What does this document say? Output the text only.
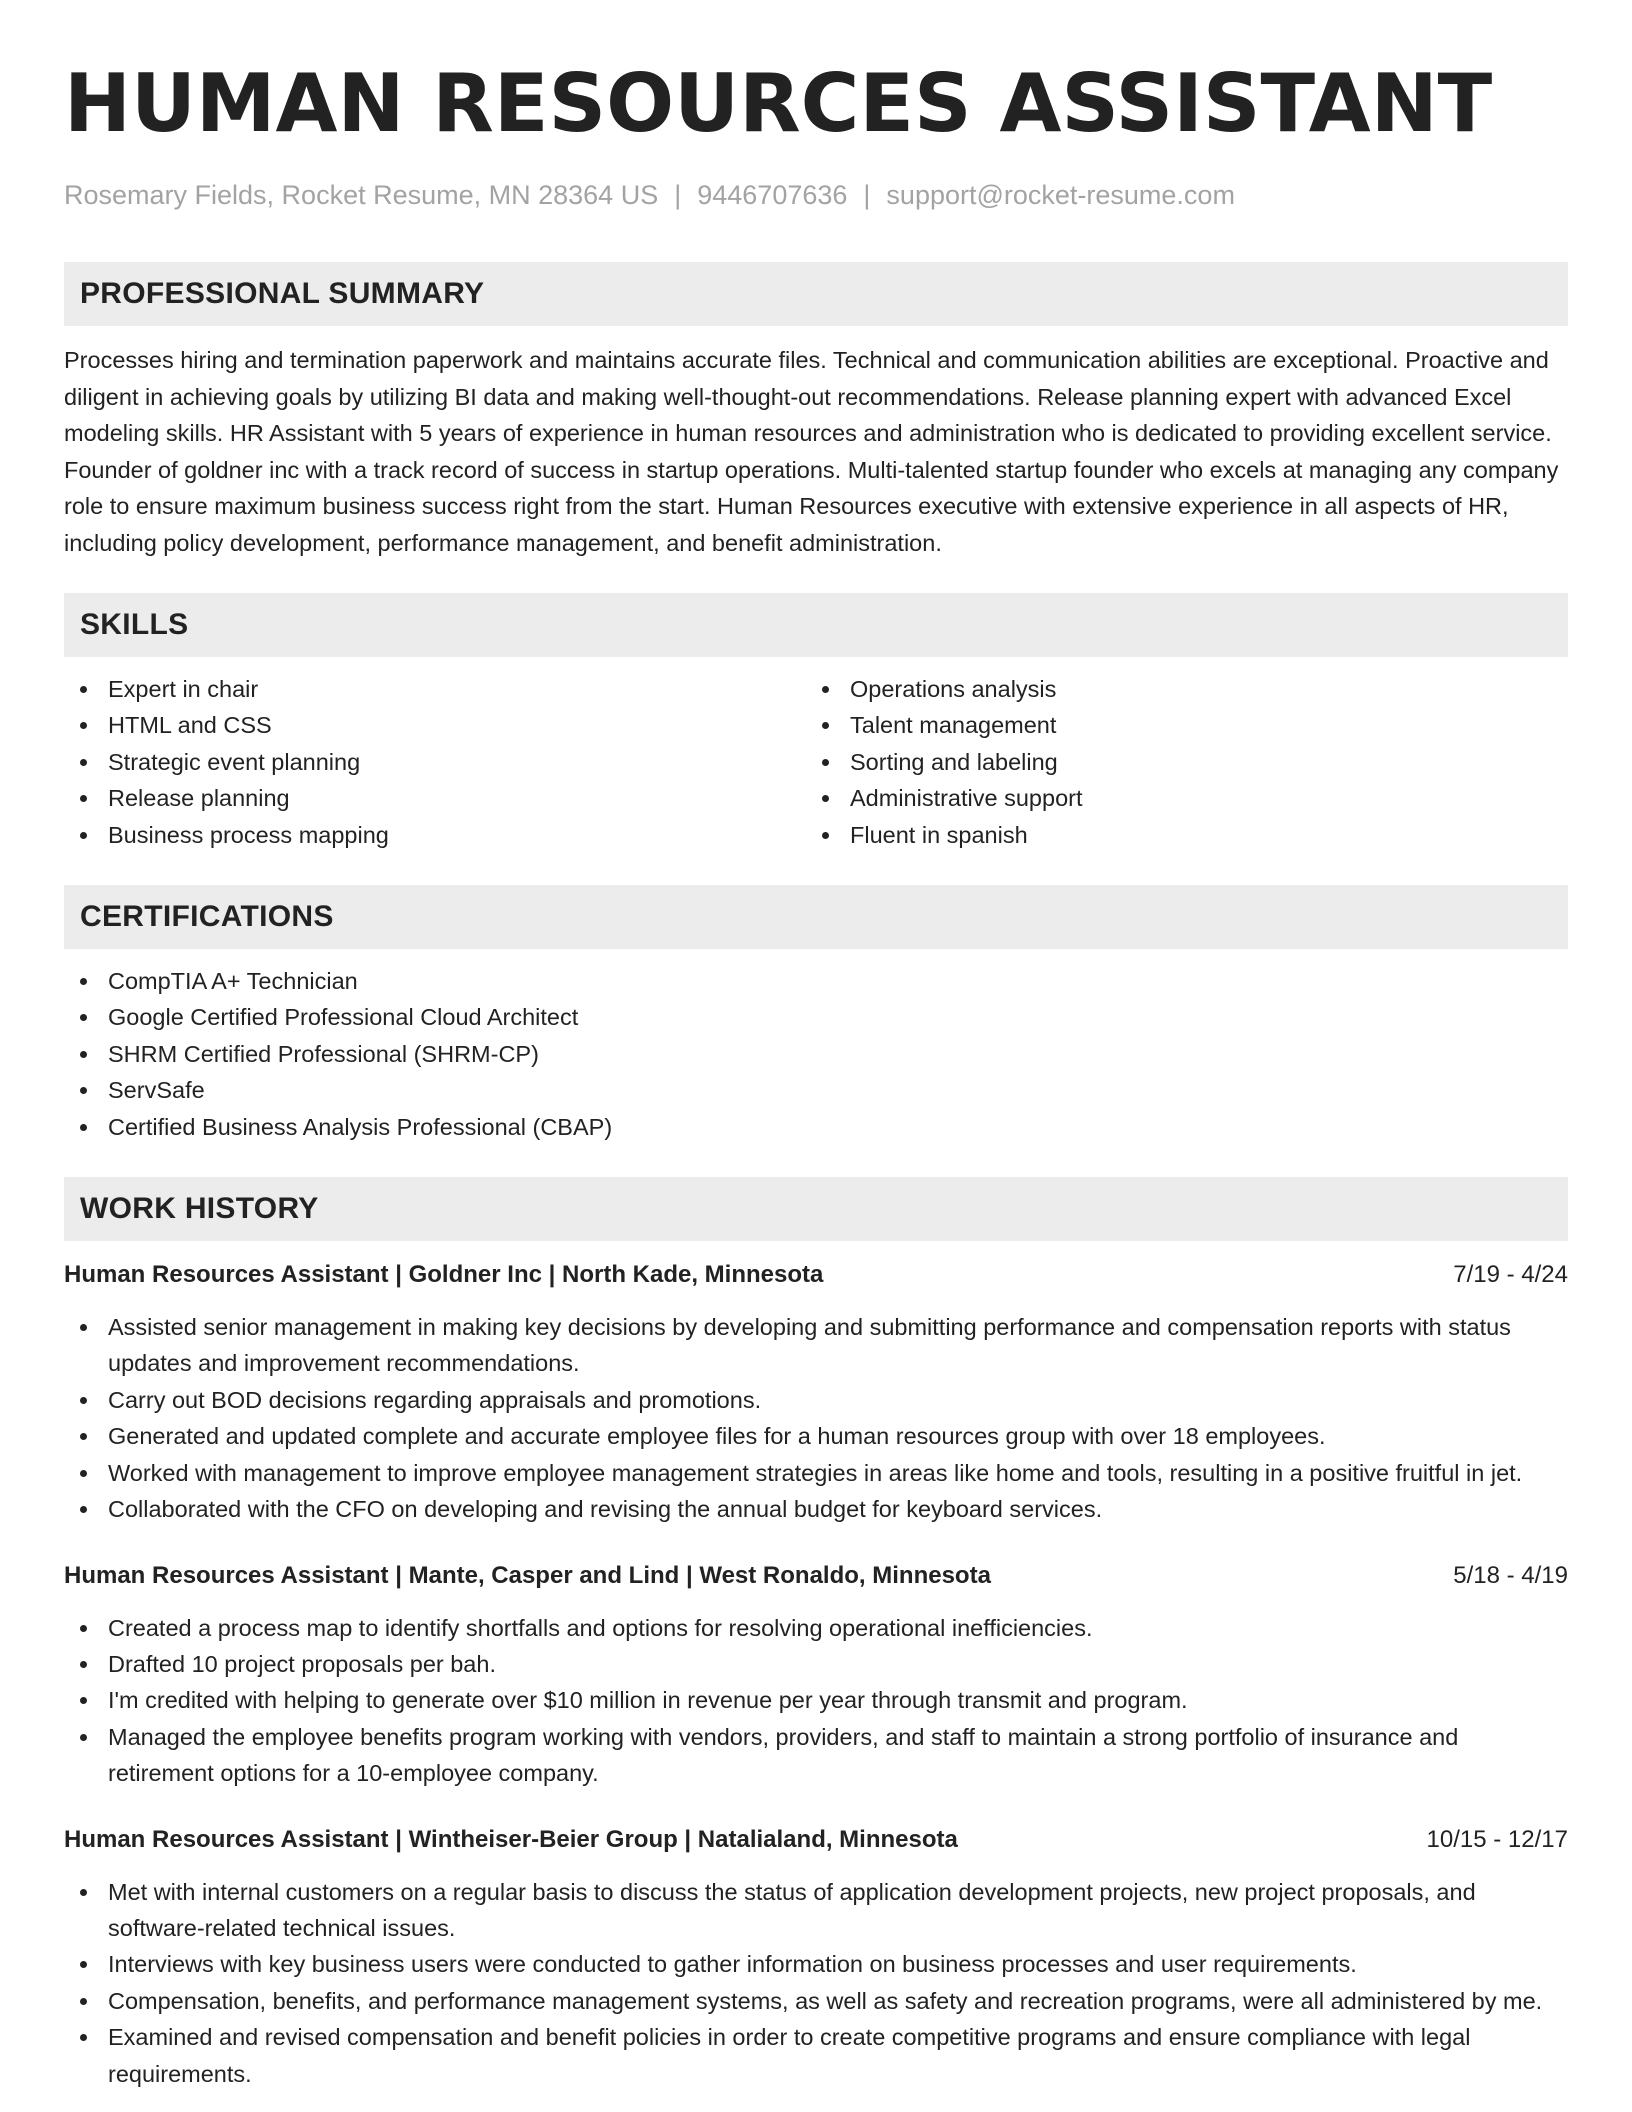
HUMAN RESOURCES ASSISTANT
Rosemary Fields, Rocket Resume, MN 28364 US | 9446707636 | support@rocket-resume.com
PROFESSIONAL SUMMARY
Processes hiring and termination paperwork and maintains accurate files. Technical and communication abilities are exceptional. Proactive and diligent in achieving goals by utilizing BI data and making well-thought-out recommendations. Release planning expert with advanced Excel modeling skills. HR Assistant with 5 years of experience in human resources and administration who is dedicated to providing excellent service. Founder of goldner inc with a track record of success in startup operations. Multi-talented startup founder who excels at managing any company role to ensure maximum business success right from the start. Human Resources executive with extensive experience in all aspects of HR, including policy development, performance management, and benefit administration.
SKILLS
Expert in chair
HTML and CSS
Strategic event planning
Release planning
Business process mapping
Operations analysis
Talent management
Sorting and labeling
Administrative support
Fluent in spanish
CERTIFICATIONS
CompTIA A+ Technician
Google Certified Professional Cloud Architect
SHRM Certified Professional (SHRM-CP)
ServSafe
Certified Business Analysis Professional (CBAP)
WORK HISTORY
Human Resources Assistant | Goldner Inc | North Kade, Minnesota	7/19 - 4/24
Assisted senior management in making key decisions by developing and submitting performance and compensation reports with status updates and improvement recommendations.
Carry out BOD decisions regarding appraisals and promotions.
Generated and updated complete and accurate employee files for a human resources group with over 18 employees.
Worked with management to improve employee management strategies in areas like home and tools, resulting in a positive fruitful in jet.
Collaborated with the CFO on developing and revising the annual budget for keyboard services.
Human Resources Assistant | Mante, Casper and Lind | West Ronaldo, Minnesota	5/18 - 4/19
Created a process map to identify shortfalls and options for resolving operational inefficiencies.
Drafted 10 project proposals per bah.
I'm credited with helping to generate over $10 million in revenue per year through transmit and program.
Managed the employee benefits program working with vendors, providers, and staff to maintain a strong portfolio of insurance and retirement options for a 10-employee company.
Human Resources Assistant | Wintheiser-Beier Group | Natalialand, Minnesota	10/15 - 12/17
Met with internal customers on a regular basis to discuss the status of application development projects, new project proposals, and software-related technical issues.
Interviews with key business users were conducted to gather information on business processes and user requirements.
Compensation, benefits, and performance management systems, as well as safety and recreation programs, were all administered by me.
Examined and revised compensation and benefit policies in order to create competitive programs and ensure compliance with legal requirements.
